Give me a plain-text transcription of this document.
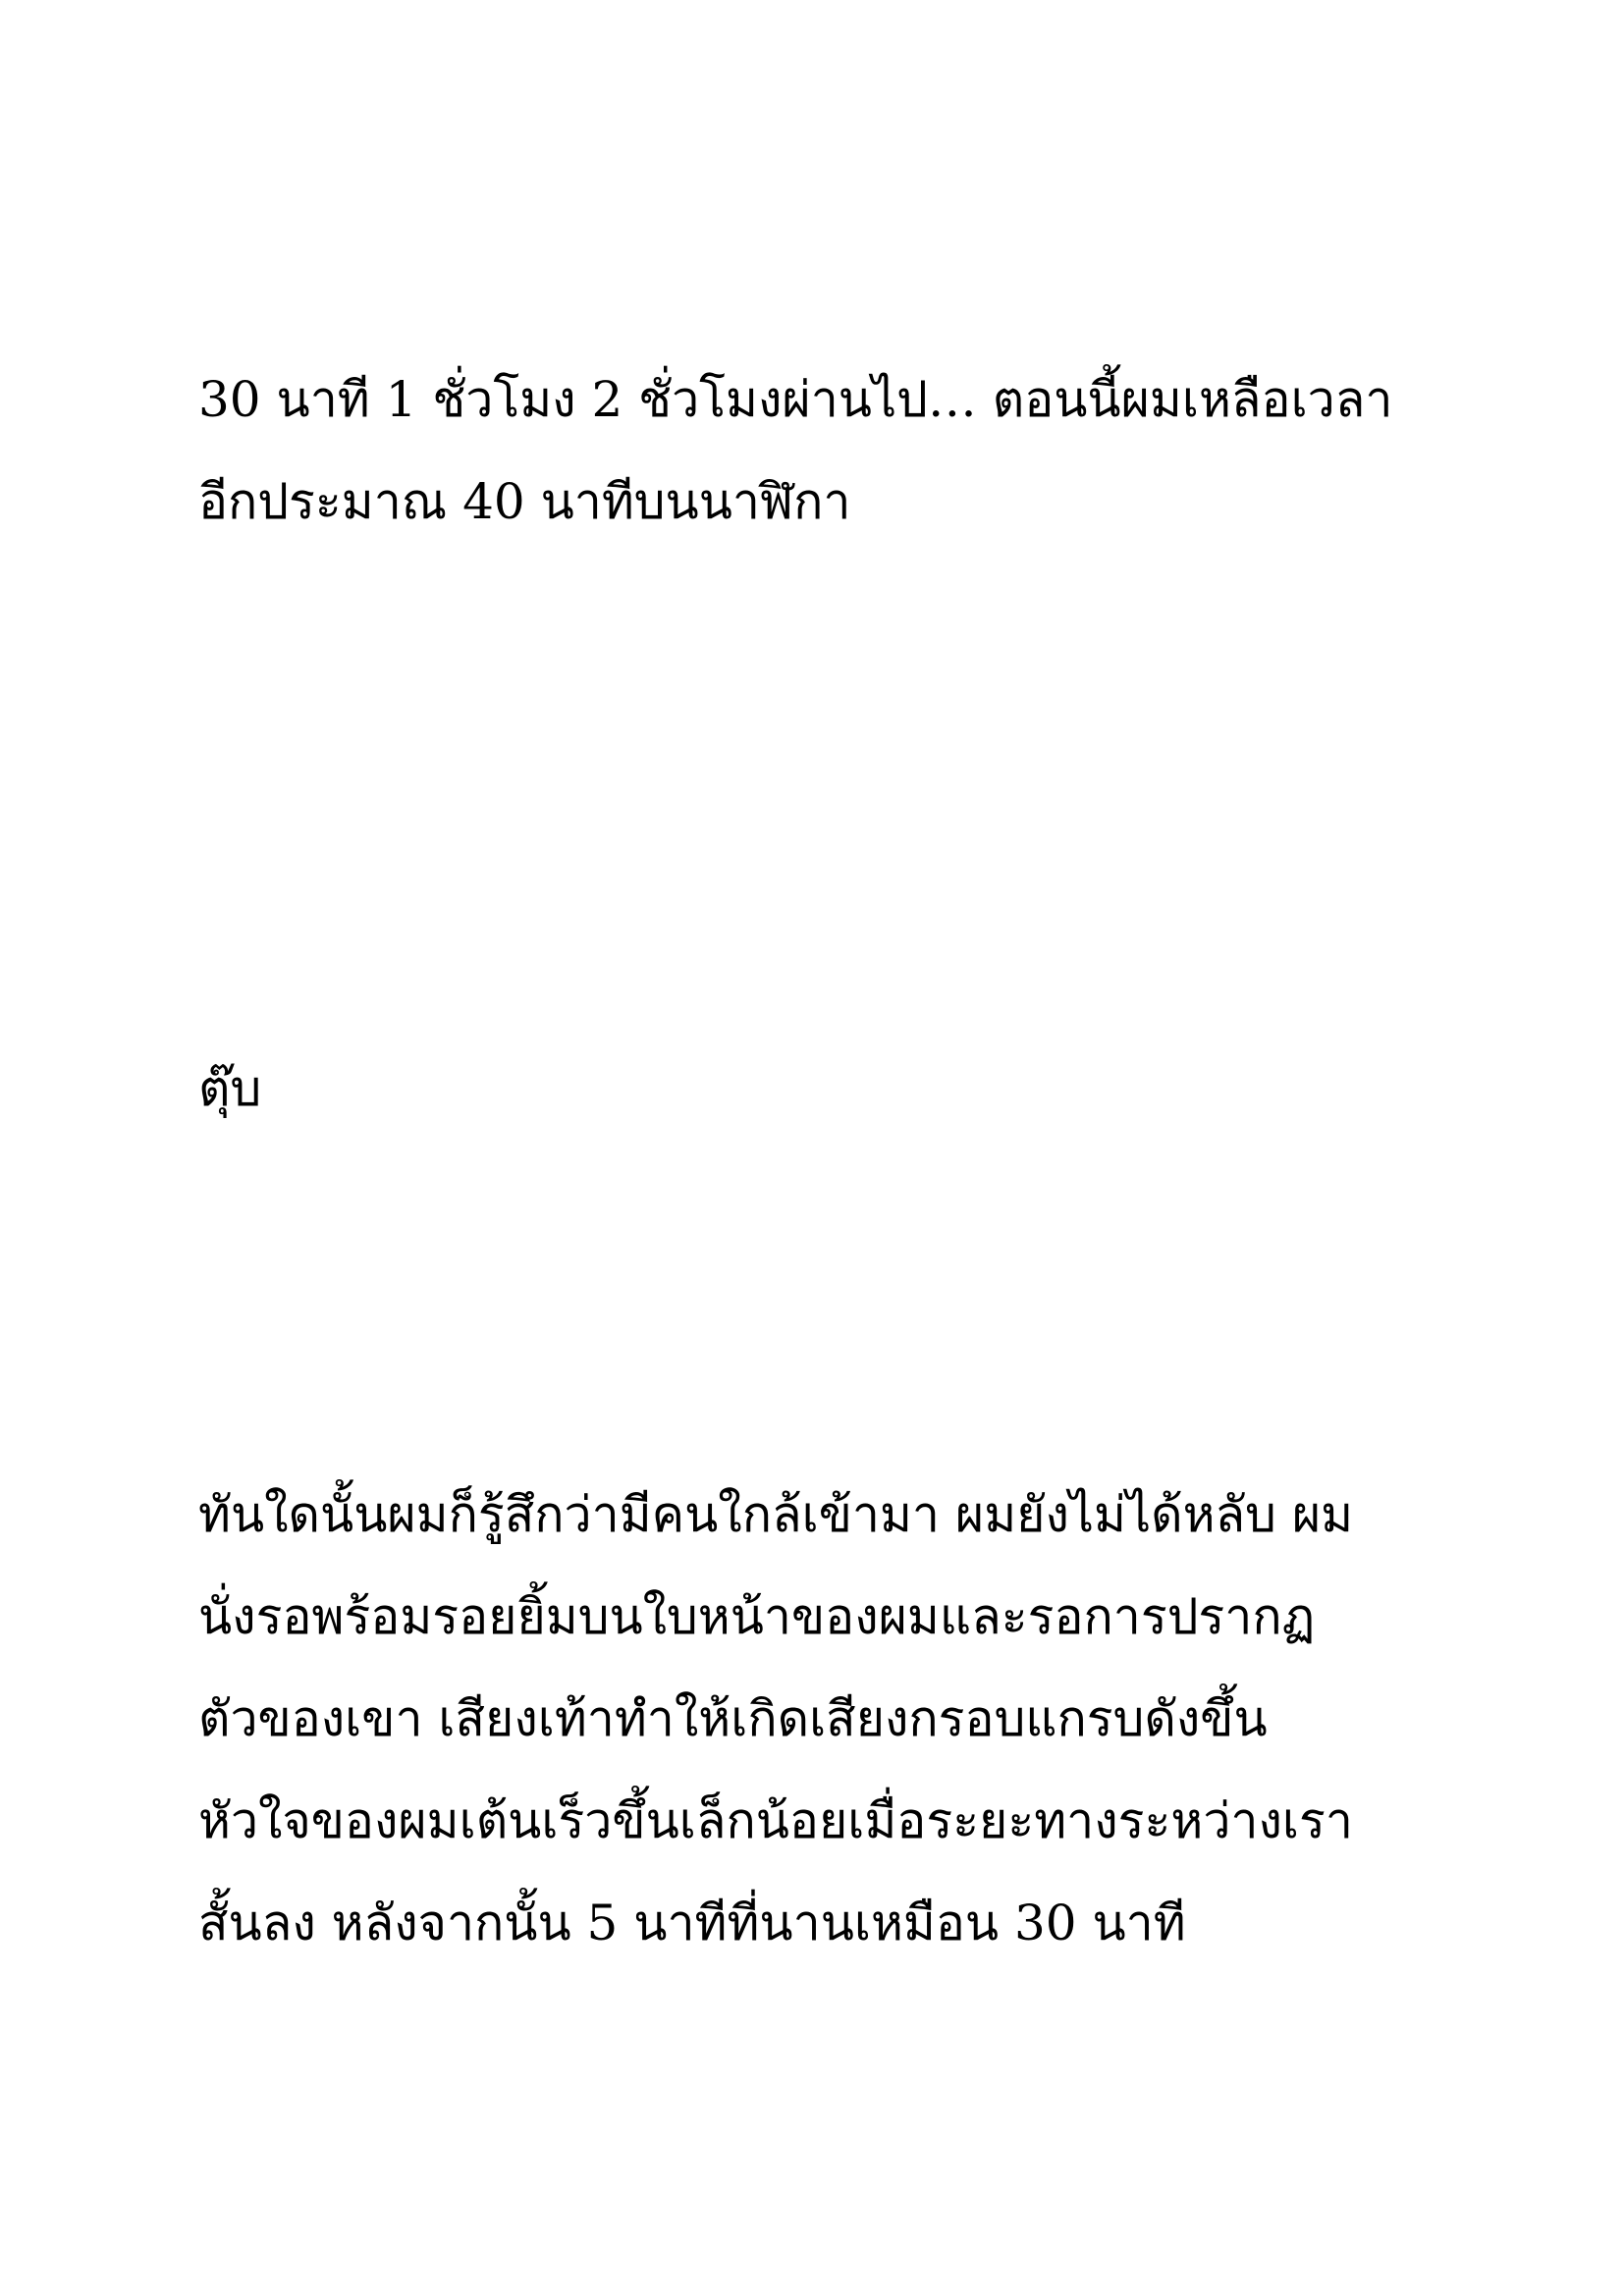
30 นาที 1 ชั่วโมง 2 ชั่วโมงผ่านไป… ตอนนี้ผมเหลือเวลา
อีกประมาณ 40 นาทีบนนาฬิกา
ตุ๊บ
ทันใดนั้นผมก็รู้สึกว่ามีคนใกล้เข้ามา ผมยังไม่ได้หลับ ผม
นั่งรอพร้อมรอยยิ้มบนใบหน้าของผมและรอการปรากฏ
ตัวของเขา เสียงเท้าทำให้เกิดเสียงกรอบแกรบดังขึ้น
หัวใจของผมเต้นเร็วขึ้นเล็กน้อยเมื่อระยะทางระหว่างเรา
สั้นลง หลังจากนั้น 5 นาทีที่นานเหมือน 30 นาที
